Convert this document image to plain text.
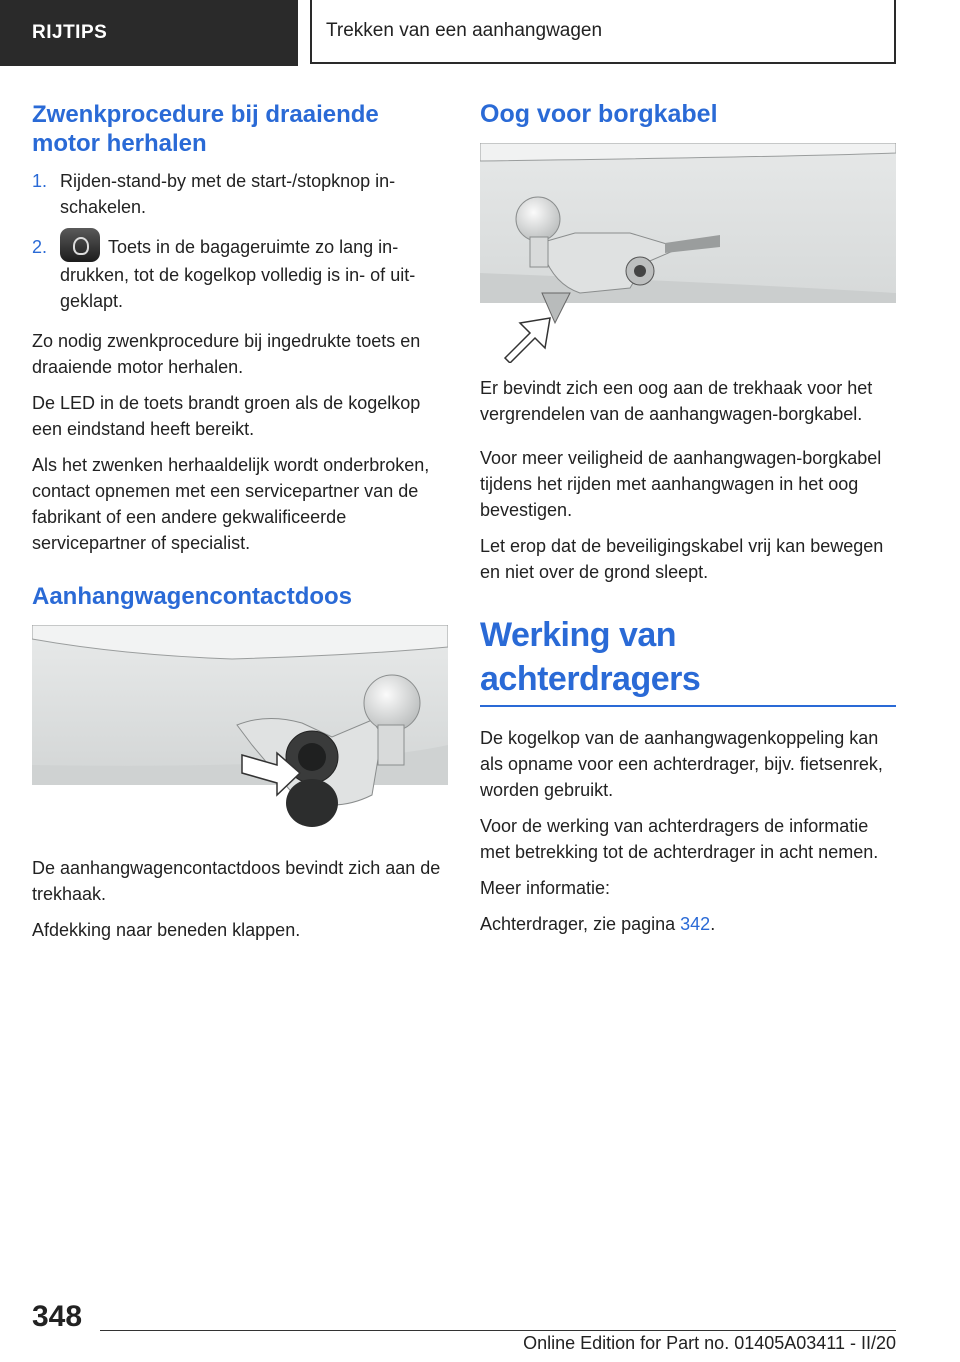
RIJTIPS	Trekken van een aanhangwagen
Zwenkprocedure bij draaiende motor herhalen
1. Rijden-stand-by met de start-/stopknop inschakelen.
2.	Toets in de bagageruimte zo lang indrukken, tot de kogelkop volledig is in- of uitgeklapt.

Zo nodig zwenkprocedure bij ingedrukte toets en draaiende motor herhalen.

De LED in de toets brandt groen als de kogelkop een eindstand heeft bereikt.

Als het zwenken herhaaldelijk wordt onderbroken, contact opnemen met een servicepartner van de fabrikant of een andere gekwalificeerde servicepartner of specialist.

Aanhangwagencontactdoos

De aanhangwagencontactdoos bevindt zich aan de trekhaak.

Afdekking naar beneden klappen.

Oog voor borgkabel

Er bevindt zich een oog aan de trekhaak voor het vergrendelen van de aanhangwagen-borgkabel.

Voor meer veiligheid de aanhangwagen-borgkabel tijdens het rijden met aanhangwagen in het oog bevestigen.

Let erop dat de beveiligingskabel vrij kan bewegen en niet over de grond sleept.

Werking van achterdragers

De kogelkop van de aanhangwagenkoppeling kan als opname voor een achterdrager, bijv. fietsenrek, worden gebruikt.

Voor de werking van achterdragers de informatie met betrekking tot de achterdrager in acht nemen.

Meer informatie:

Achterdrager, zie pagina 342.

348
Online Edition for Part no. 01405A03411 - II/20
